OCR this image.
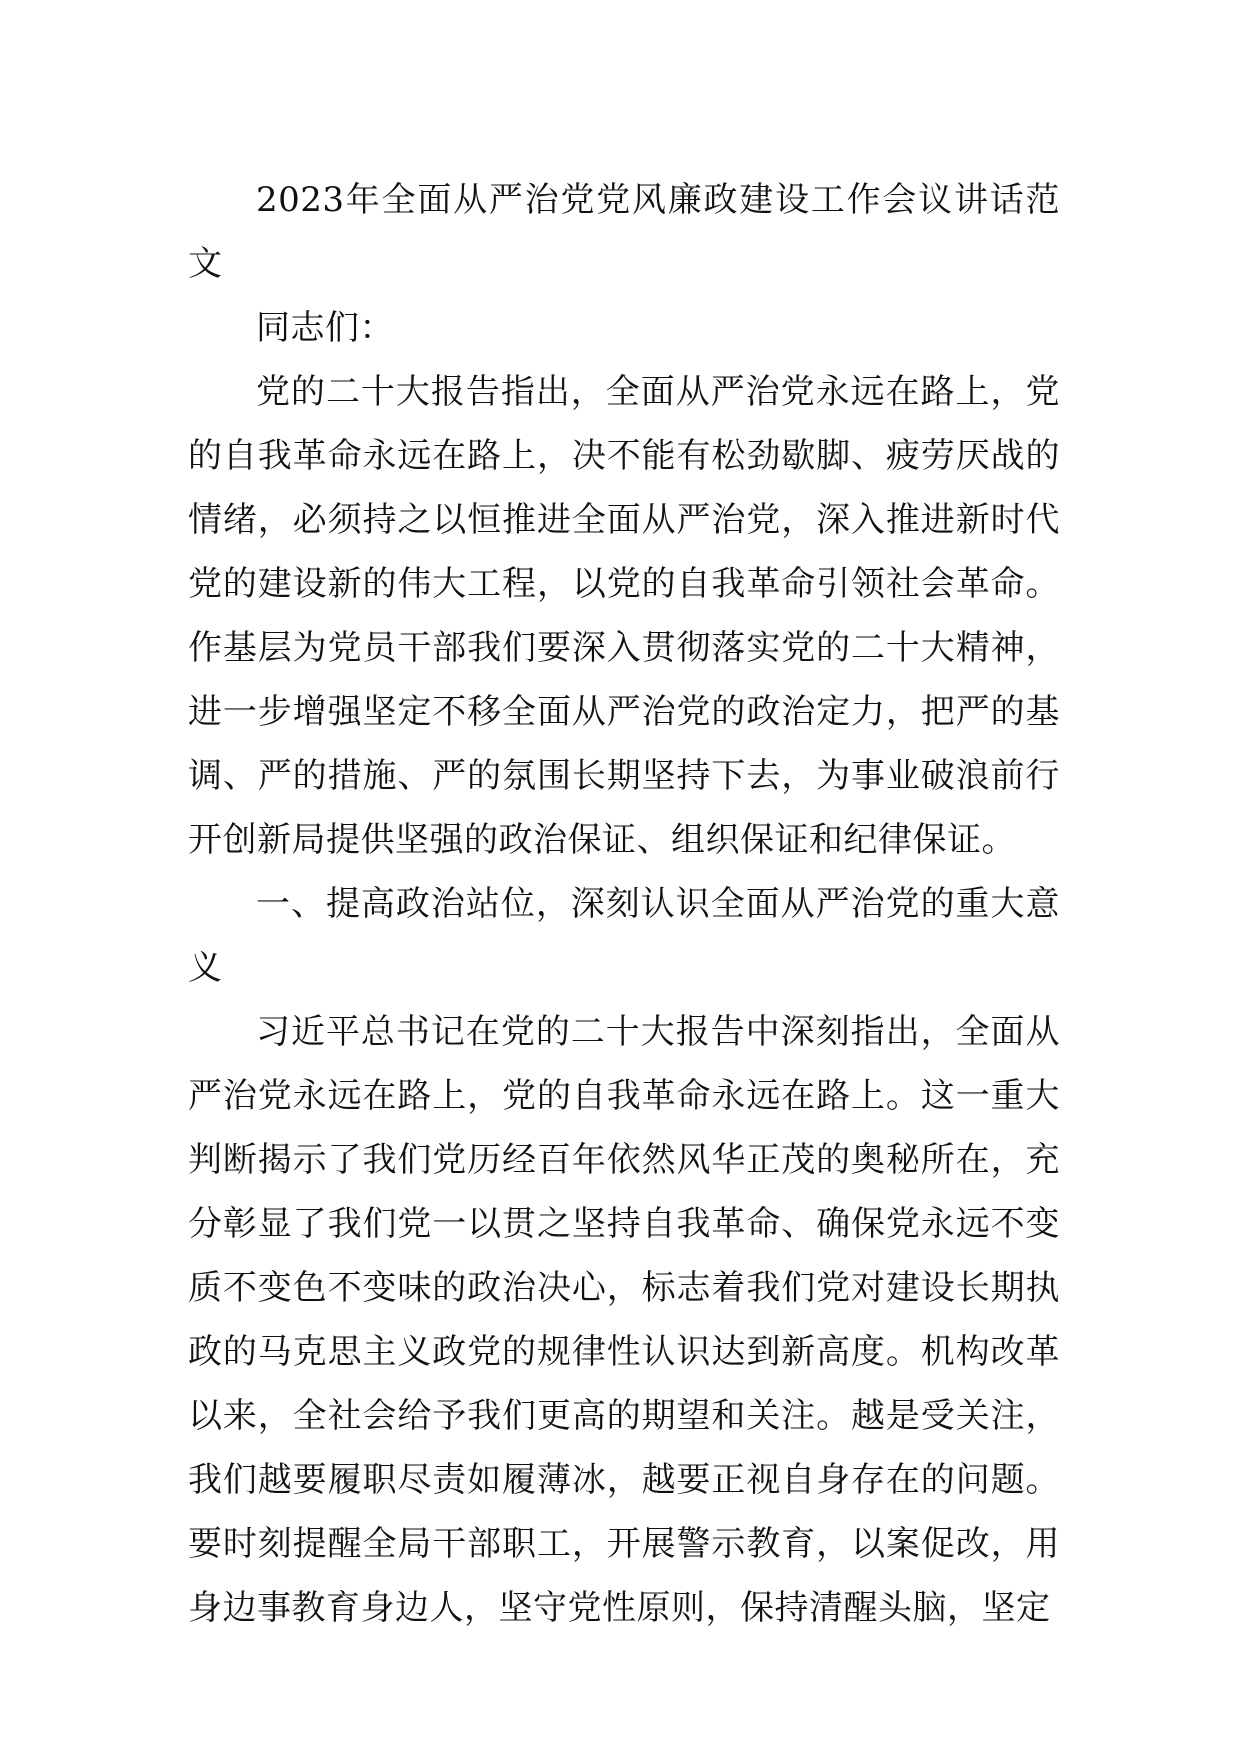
2023年全面从严治党党风廉政建设工作会议讲话范文

同志们：

党的二十大报告指出，全面从严治党永远在路上，党的自我革命永远在路上，决不能有松劲歇脚、疲劳厌战的情绪，必须持之以恒推进全面从严治党，深入推进新时代党的建设新的伟大工程，以党的自我革命引领社会革命。作基层为党员干部我们要深入贯彻落实党的二十大精神，进一步增强坚定不移全面从严治党的政治定力，把严的基调、严的措施、严的氛围长期坚持下去，为事业破浪前行开创新局提供坚强的政治保证、组织保证和纪律保证。

一、提高政治站位，深刻认识全面从严治党的重大意义

习近平总书记在党的二十大报告中深刻指出，全面从严治党永远在路上，党的自我革命永远在路上。这一重大判断揭示了我们党历经百年依然风华正茂的奥秘所在，充分彰显了我们党一以贯之坚持自我革命、确保党永远不变质不变色不变味的政治决心，标志着我们党对建设长期执政的马克思主义政党的规律性认识达到新高度。机构改革以来，全社会给予我们更高的期望和关注。越是受关注，我们越要履职尽责如履薄冰，越要正视自身存在的问题。要时刻提醒全局干部职工，开展警示教育，以案促改，用身边事教育身边人，坚守党性原则，保持清醒头脑，坚定
